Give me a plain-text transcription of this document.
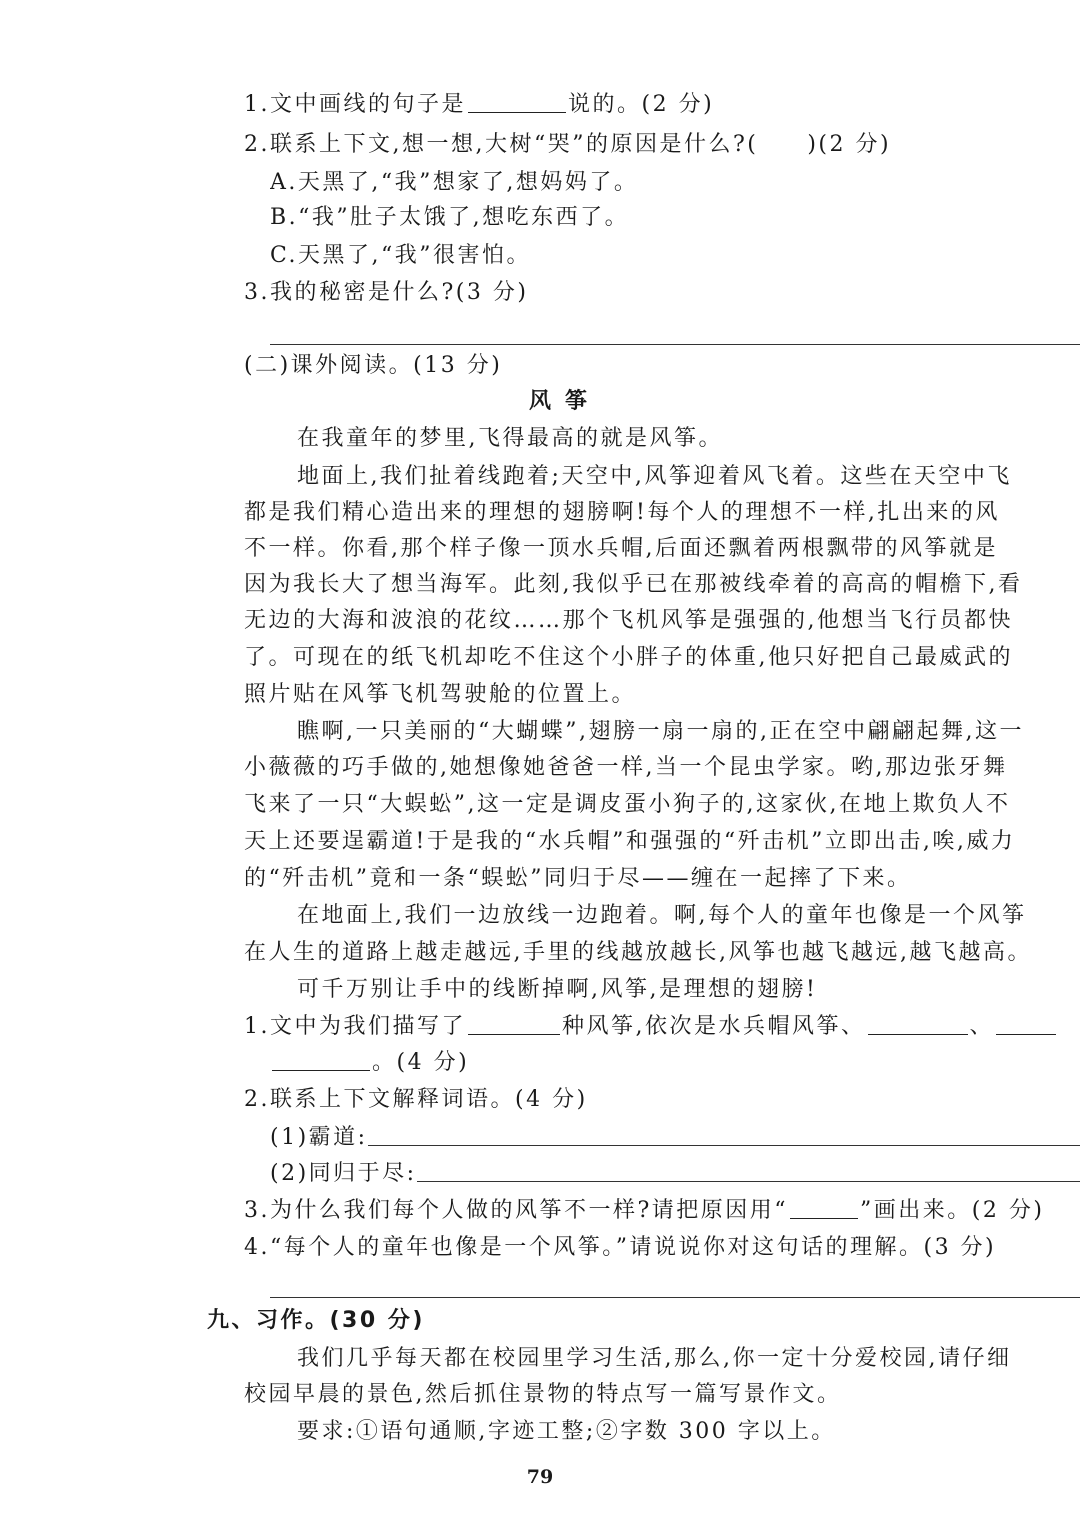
1.文中画线的句子是	说的。(2 分)
2.联系上下文,想一想,大树“哭”的原因是什么?(　　)(2 分)
A.天黑了,“我”想家了,想妈妈了。
B.“我”肚子太饿了,想吃东西了。
C.天黑了,“我”很害怕。
3.我的秘密是什么?(3 分)
(二)课外阅读。(13 分)
风筝
在我童年的梦里,飞得最高的就是风筝。
地面上,我们扯着线跑着;天空中,风筝迎着风飞着。这些在天空中飞
都是我们精心造出来的理想的翅膀啊!每个人的理想不一样,扎出来的风
不一样。你看,那个样子像一顶水兵帽,后面还飘着两根飘带的风筝就是
因为我长大了想当海军。此刻,我似乎已在那被线牵着的高高的帽檐下,看
无边的大海和波浪的花纹……那个飞机风筝是强强的,他想当飞行员都快
了。可现在的纸飞机却吃不住这个小胖子的体重,他只好把自己最威武的
照片贴在风筝飞机驾驶舱的位置上。
瞧啊,一只美丽的“大蝴蝶”,翅膀一扇一扇的,正在空中翩翩起舞,这一
小薇薇的巧手做的,她想像她爸爸一样,当一个昆虫学家。哟,那边张牙舞
飞来了一只“大蜈蚣”,这一定是调皮蛋小狗子的,这家伙,在地上欺负人不
天上还要逞霸道!于是我的“水兵帽”和强强的“歼击机”立即出击,唉,威力
的“歼击机”竟和一条“蜈蚣”同归于尽——缠在一起摔了下来。
在地面上,我们一边放线一边跑着。啊,每个人的童年也像是一个风筝
在人生的道路上越走越远,手里的线越放越长,风筝也越飞越远,越飞越高。
可千万别让手中的线断掉啊,风筝,是理想的翅膀!
1.文中为我们描写了	种风筝,依次是水兵帽风筝、	、
。(4 分)
2.联系上下文解释词语。(4 分)
(1)霸道:
(2)同归于尽:
3.为什么我们每个人做的风筝不一样?请把原因用“	”画出来。(2 分)
4.“每个人的童年也像是一个风筝。”请说说你对这句话的理解。(3 分)
九、习作。(30 分)
我们几乎每天都在校园里学习生活,那么,你一定十分爱校园,请仔细
校园早晨的景色,然后抓住景物的特点写一篇写景作文。
要求:①语句通顺,字迹工整;②字数 300 字以上。
79
